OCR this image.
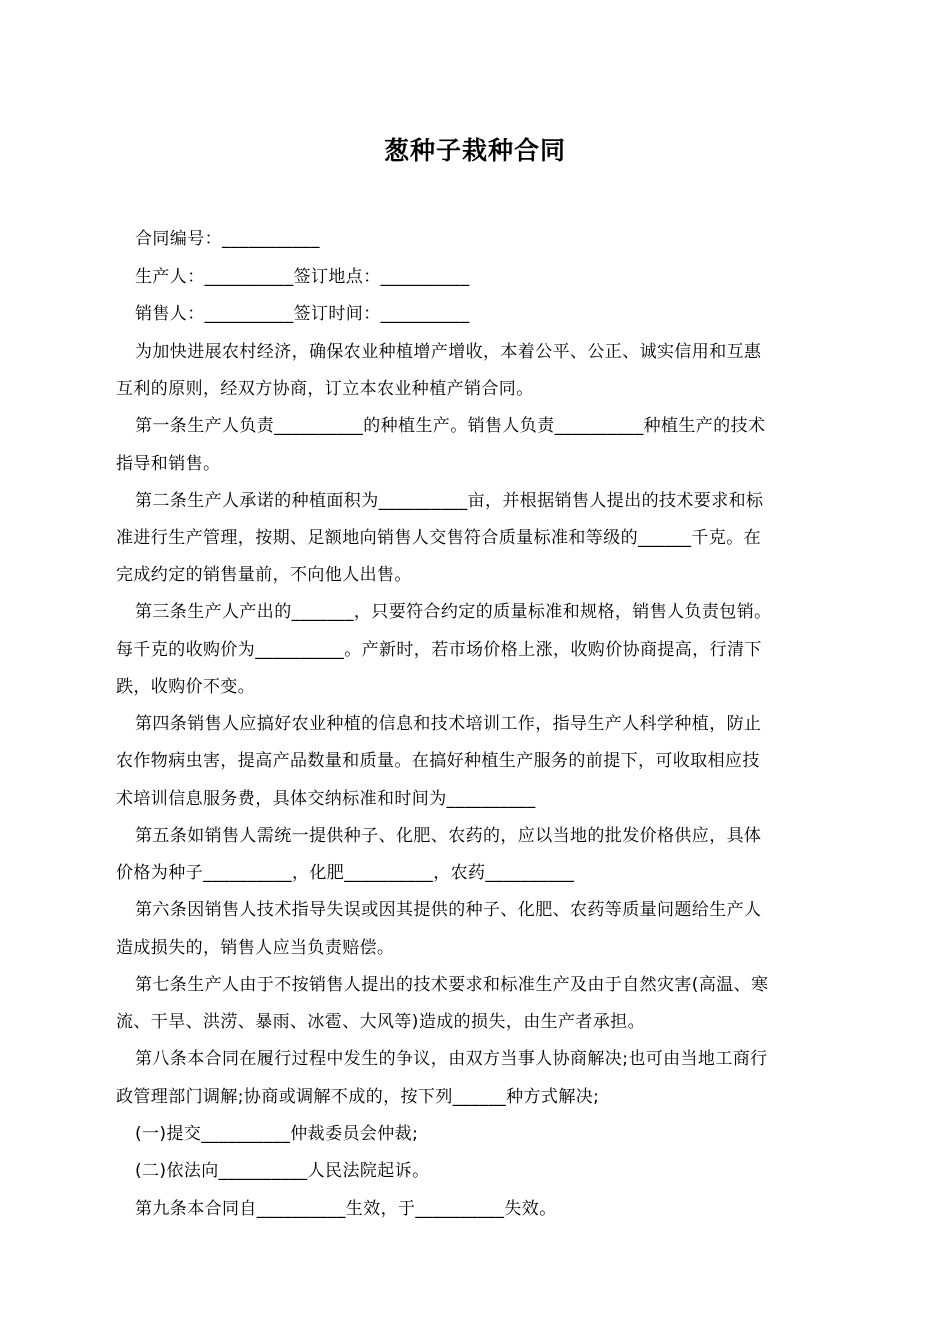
葱种子栽种合同
合同编号：___________
生产人：__________签订地点：__________
销售人：__________签订时间：__________
为加快进展农村经济，确保农业种植增产增收，本着公平、公正、诚实信用和互惠
互利的原则，经双方协商，订立本农业种植产销合同。
第一条生产人负责__________的种植生产。销售人负责__________种植生产的技术
指导和销售。
第二条生产人承诺的种植面积为__________亩，并根据销售人提出的技术要求和标
准进行生产管理，按期、足额地向销售人交售符合质量标准和等级的______千克。在
完成约定的销售量前，不向他人出售。
第三条生产人产出的_______，只要符合约定的质量标准和规格，销售人负责包销。
每千克的收购价为__________。产新时，若市场价格上涨，收购价协商提高，行清下
跌，收购价不变。
第四条销售人应搞好农业种植的信息和技术培训工作，指导生产人科学种植，防止
农作物病虫害，提高产品数量和质量。在搞好种植生产服务的前提下，可收取相应技
术培训信息服务费，具体交纳标准和时间为__________
第五条如销售人需统一提供种子、化肥、农药的，应以当地的批发价格供应，具体
价格为种子__________，化肥__________，农药__________
第六条因销售人技术指导失误或因其提供的种子、化肥、农药等质量问题给生产人
造成损失的，销售人应当负责赔偿。
第七条生产人由于不按销售人提出的技术要求和标准生产及由于自然灾害(高温、寒
流、干旱、洪涝、暴雨、冰雹、大风等)造成的损失，由生产者承担。
第八条本合同在履行过程中发生的争议，由双方当事人协商解决;也可由当地工商行
政管理部门调解;协商或调解不成的，按下列______种方式解决;
(一)提交__________仲裁委员会仲裁;
(二)依法向__________人民法院起诉。
第九条本合同自__________生效，于__________失效。
